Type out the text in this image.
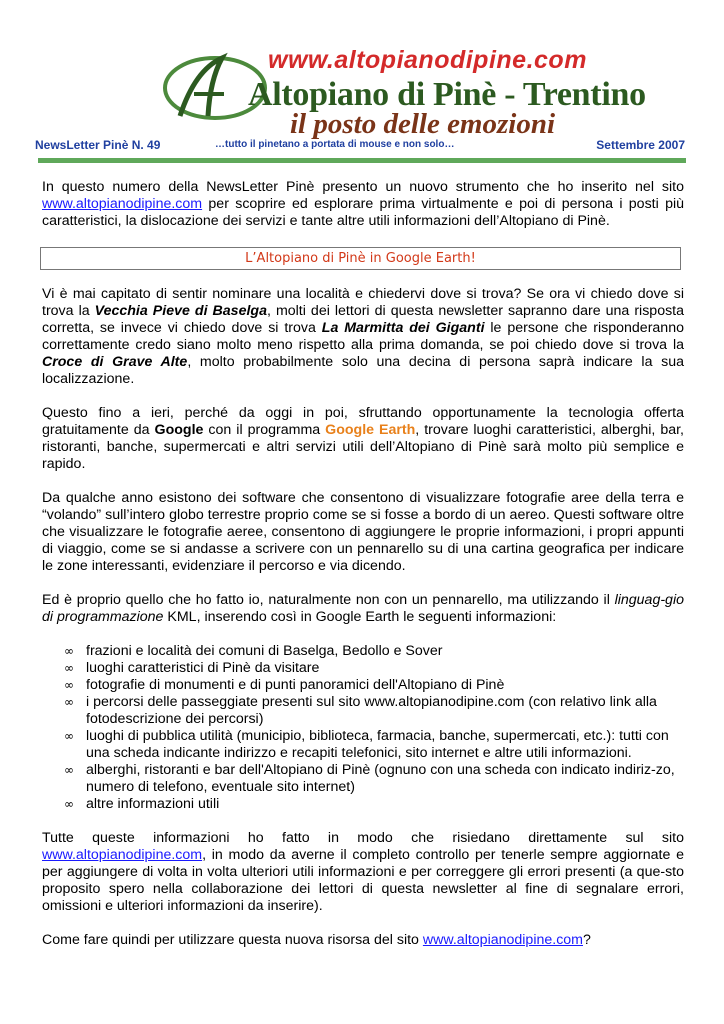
www.altopianodipine.com
Altopiano di Pinè - Trentino
il posto delle emozioni
NewsLetter Pinè N. 49	…tutto il pinetano a portata di mouse e non solo…	Settembre 2007

In questo numero della NewsLetter Pinè presento un nuovo strumento che ho inserito nel sito www.altopianodipine.com per scoprire ed esplorare prima virtualmente e poi di persona i posti più caratteristici, la dislocazione dei servizi e tante altre utili informazioni dell’Altopiano di Pinè.

L’Altopiano di Pinè in Google Earth!

Vi è mai capitato di sentir nominare una località e chiedervi dove si trova? Se ora vi chiedo dove si trova la Vecchia Pieve di Baselga, molti dei lettori di questa newsletter sapranno dare una risposta corretta, se invece vi chiedo dove si trova La Marmitta dei Giganti le persone che risponderanno correttamente credo siano molto meno rispetto alla prima domanda, se poi chiedo dove si trova la Croce di Grave Alte, molto probabilmente solo una decina di persona saprà indicare la sua localizzazione.

Questo fino a ieri, perché da oggi in poi, sfruttando opportunamente la tecnologia offerta gratuitamente da Google con il programma Google Earth, trovare luoghi caratteristici, alberghi, bar, ristoranti, banche, supermercati e altri servizi utili dell’Altopiano di Pinè sarà molto più semplice e rapido.

Da qualche anno esistono dei software che consentono di visualizzare fotografie aree della terra e “volando” sull’intero globo terrestre proprio come se si fosse a bordo di un aereo. Questi software oltre che visualizzare le fotografie aeree, consentono di aggiungere le proprie informazioni, i propri appunti di viaggio, come se si andasse a scrivere con un pennarello su di una cartina geografica per indicare le zone interessanti, evidenziare il percorso e via dicendo.

Ed è proprio quello che ho fatto io, naturalmente non con un pennarello, ma utilizzando il linguag-gio di programmazione KML, inserendo così in Google Earth le seguenti informazioni:

∞ frazioni e località dei comuni di Baselga, Bedollo e Sover
∞ luoghi caratteristici di Pinè da visitare
∞ fotografie di monumenti e di punti panoramici dell'Altopiano di Pinè
∞ i percorsi delle passeggiate presenti sul sito www.altopianodipine.com (con relativo link alla fotodescrizione dei percorsi)
∞ luoghi di pubblica utilità (municipio, biblioteca, farmacia, banche, supermercati, etc.): tutti con una scheda indicante indirizzo e recapiti telefonici, sito internet e altre utili informazioni.
∞ alberghi, ristoranti e bar dell'Altopiano di Pinè (ognuno con una scheda con indicato indiriz-zo, numero di telefono, eventuale sito internet)
∞ altre informazioni utili

Tutte queste informazioni ho fatto in modo che risiedano direttamente sul sito www.altopianodipine.com, in modo da averne il completo controllo per tenerle sempre aggiornate e per aggiungere di volta in volta ulteriori utili informazioni e per correggere gli errori presenti (a que-sto proposito spero nella collaborazione dei lettori di questa newsletter al fine di segnalare errori, omissioni e ulteriori informazioni da inserire).

Come fare quindi per utilizzare questa nuova risorsa del sito www.altopianodipine.com?
